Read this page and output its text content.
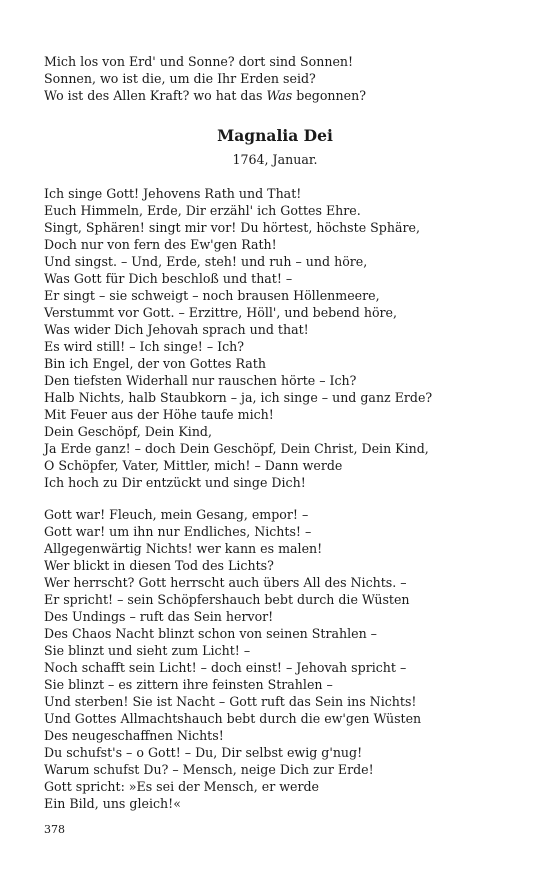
Mich los von Erd' und Sonne? dort sind Sonnen!
Sonnen, wo ist die, um die Ihr Erden seid?
Wo ist des Allen Kraft? wo hat das Was begonnen?
Magnalia Dei
1764, Januar.
Ich singe Gott! Jehovens Rath und That!
Euch Himmeln, Erde, Dir erzähl' ich Gottes Ehre.
Singt, Sphären! singt mir vor! Du hörtest, höchste Sphäre,
Doch nur von fern des Ew'gen Rath!
Und singst. – Und, Erde, steh! und ruh – und höre,
Was Gott für Dich beschloß und that! –
Er singt – sie schweigt – noch brausen Höllenmeere,
Verstummt vor Gott. – Erzittre, Höll', und bebend höre,
Was wider Dich Jehovah sprach und that!
Es wird still! – Ich singe! – Ich?
Bin ich Engel, der von Gottes Rath
Den tiefsten Widerhall nur rauschen hörte – Ich?
Halb Nichts, halb Staubkorn – ja, ich singe – und ganz Erde?
Mit Feuer aus der Höhe taufe mich!
Dein Geschöpf, Dein Kind,
Ja Erde ganz! – doch Dein Geschöpf, Dein Christ, Dein Kind,
O Schöpfer, Vater, Mittler, mich! – Dann werde
Ich hoch zu Dir entzückt und singe Dich!
Gott war! Fleuch, mein Gesang, empor! –
Gott war! um ihn nur Endliches, Nichts! –
Allgegenwärtig Nichts! wer kann es malen!
Wer blickt in diesen Tod des Lichts?
Wer herrscht? Gott herrscht auch übers All des Nichts. –
Er spricht! – sein Schöpfershauch bebt durch die Wüsten
Des Undings – ruft das Sein hervor!
Des Chaos Nacht blinzt schon von seinen Strahlen –
Sie blinzt und sieht zum Licht! –
Noch schafft sein Licht! – doch einst! – Jehovah spricht –
Sie blinzt – es zittern ihre feinsten Strahlen –
Und sterben! Sie ist Nacht – Gott ruft das Sein ins Nichts!
Und Gottes Allmachtshauch bebt durch die ew'gen Wüsten
Des neugeschaffnen Nichts!
Du schufst's – o Gott! – Du, Dir selbst ewig g'nug!
Warum schufst Du? – Mensch, neige Dich zur Erde!
Gott spricht: »Es sei der Mensch, er werde
Ein Bild, uns gleich!«
378
